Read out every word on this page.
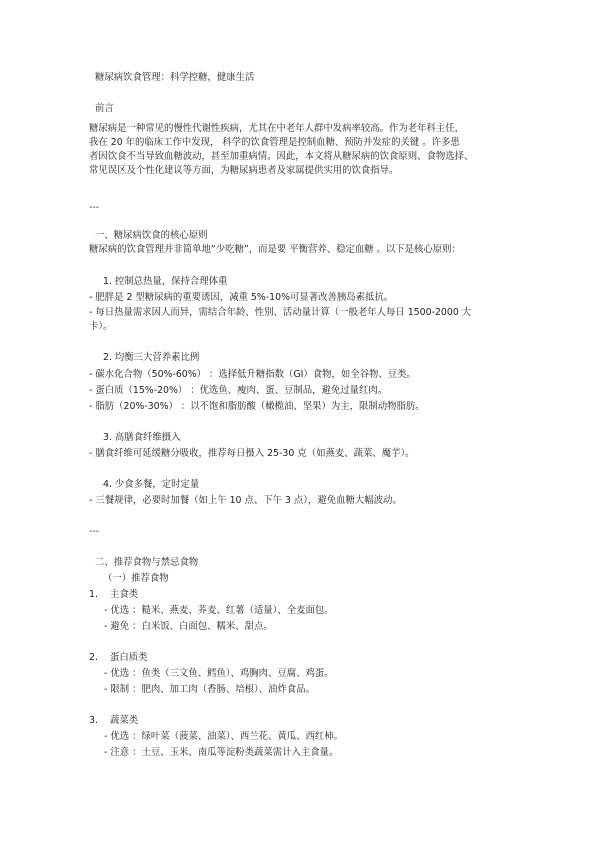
糖尿病饮食管理：科学控糖，健康生活
前言
糖尿病是一种常见的慢性代谢性疾病，尤其在中老年人群中发病率较高。作为老年科主任，
我在 20 年的临床工作中发现， 科学的饮食管理是控制血糖、预防并发症的关键 。许多患
者因饮食不当导致血糖波动，甚至加重病情。因此，本文将从糖尿病的饮食原则、食物选择、
常见误区及个性化建议等方面，为糖尿病患者及家属提供实用的饮食指导。
---
一、糖尿病饮食的核心原则
糖尿病的饮食管理并非简单地“少吃糖”，而是要 平衡营养、稳定血糖 。以下是核心原则：
1. 控制总热量，保持合理体重
- 肥胖是 2 型糖尿病的重要诱因，减重 5%-10%可显著改善胰岛素抵抗。
- 每日热量需求因人而异，需结合年龄、性别、活动量计算（一般老年人每日 1500-2000 大
卡）。
2. 均衡三大营养素比例
- 碳水化合物（50%-60%） ：选择低升糖指数（GI）食物，如全谷物、豆类。
- 蛋白质（15%-20%） ：优选鱼、瘦肉、蛋、豆制品，避免过量红肉。
- 脂肪（20%-30%） ：以不饱和脂肪酸（橄榄油、坚果）为主，限制动物脂肪。
3. 高膳食纤维摄入
- 膳食纤维可延缓糖分吸收，推荐每日摄入 25-30 克（如燕麦、蔬菜、魔芋）。
4. 少食多餐，定时定量
- 三餐规律，必要时加餐（如上午 10 点、下午 3 点），避免血糖大幅波动。
---
二、推荐食物与禁忌食物
（一）推荐食物
1. 主食类
- 优选 ：糙米、燕麦、荞麦、红薯（适量）、全麦面包。
- 避免 ：白米饭、白面包、糯米、甜点。
2. 蛋白质类
- 优选 ：鱼类（三文鱼、鳕鱼）、鸡胸肉、豆腐、鸡蛋。
- 限制 ：肥肉、加工肉（香肠、培根）、油炸食品。
3. 蔬菜类
- 优选 ：绿叶菜（菠菜、油菜）、西兰花、黄瓜、西红柿。
- 注意 ：土豆、玉米、南瓜等淀粉类蔬菜需计入主食量。
